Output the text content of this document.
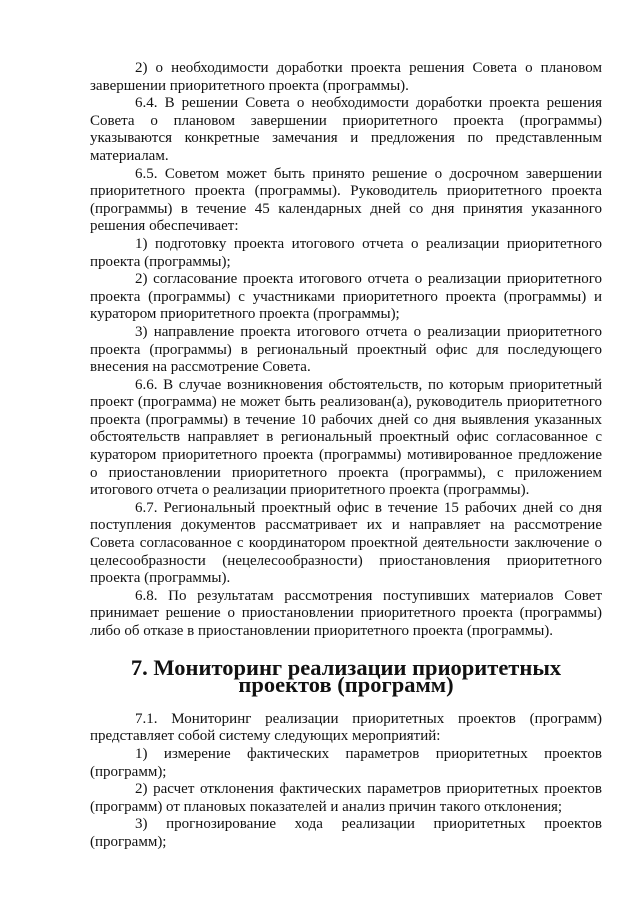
2) о необходимости доработки проекта решения Совета о плановом завершении приоритетного проекта (программы).

6.4. В решении Совета о необходимости доработки проекта решения Совета о плановом завершении приоритетного проекта (программы) указываются конкретные замечания и предложения по представленным материалам.

6.5. Советом может быть принято решение о досрочном завершении приоритетного проекта (программы). Руководитель приоритетного проекта (программы) в течение 45 календарных дней со дня принятия указанного решения обеспечивает:

1) подготовку проекта итогового отчета о реализации приоритетного проекта (программы);

2) согласование проекта итогового отчета о реализации приоритетного проекта (программы) с участниками приоритетного проекта (программы) и куратором приоритетного проекта (программы);

3) направление проекта итогового отчета о реализации приоритетного проекта (программы) в региональный проектный офис для последующего внесения на рассмотрение Совета.

6.6. В случае возникновения обстоятельств, по которым приоритетный проект (программа) не может быть реализован(а), руководитель приоритетного проекта (программы) в течение 10 рабочих дней со дня выявления указанных обстоятельств направляет в региональный проектный офис согласованное с куратором приоритетного проекта (программы) мотивированное предложение о приостановлении приоритетного проекта (программы), с приложением итогового отчета о реализации приоритетного проекта (программы).

6.7. Региональный проектный офис в течение 15 рабочих дней со дня поступления документов рассматривает их и направляет на рассмотрение Совета согласованное с координатором проектной деятельности заключение о целесообразности (нецелесообразности) приостановления приоритетного проекта (программы).

6.8. По результатам рассмотрения поступивших материалов Совет принимает решение о приостановлении приоритетного проекта (программы) либо об отказе в приостановлении приоритетного проекта (программы).

7. Мониторинг реализации приоритетных проектов (программ)

7.1. Мониторинг реализации приоритетных проектов (программ) представляет собой систему следующих мероприятий:

1) измерение фактических параметров приоритетных проектов (программ);

2) расчет отклонения фактических параметров приоритетных проектов (программ) от плановых показателей и анализ причин такого отклонения;

3) прогнозирование хода реализации приоритетных проектов (программ);
